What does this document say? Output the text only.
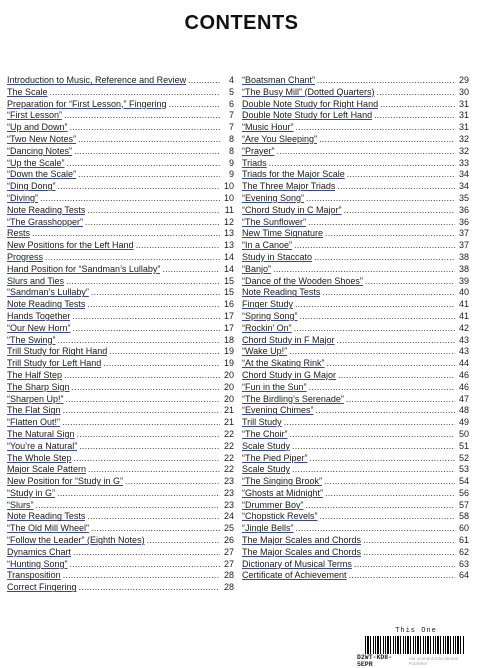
CONTENTS
Introduction to Music, Reference and Review .....	4
The Scale .....	5
Preparation for “First Lesson,” Fingering .....	6
“First Lesson” .....	7
“Up and Down” .....	7
“Two New Notes” .....	8
“Dancing Notes” .....	8
“Up the Scale” .....	9
“Down the Scale” .....	9
“Ding Dong” .....	10
“Diving” .....	10
Note Reading Tests .....	11
“The Grasshopper” .....	12
Rests .....	13
New Positions for the Left Hand .....	13
Progress .....	14
Hand Position for “Sandman’s Lullaby” .....	14
Slurs and Ties .....	15
“Sandman’s Lullaby” .....	15
Note Reading Tests .....	16
Hands Together .....	17
“Our New Horn” .....	17
“The Swing” .....	18
Trill Study for Right Hand .....	19
Trill Study for Left Hand .....	19
The Half Step .....	20
The Sharp Sign .....	20
“Sharpen Up!” .....	20
The Flat Sign .....	21
“Flatten Out!” .....	21
The Natural Sign .....	22
“You’re a Natural” .....	22
The Whole Step .....	22
Major Scale Pattern .....	22
New Position for “Study in G” .....	23
“Study in G” .....	23
“Slurs” .....	23
Note Reading Tests .....	24
“The Old Mill Wheel” .....	25
“Follow the Leader” (Eighth Notes) .....	26
Dynamics Chart .....	27
“Hunting Song” .....	27
Transposition .....	28
Correct Fingering .....	28
“Boatsman Chant” .....	29
“The Busy Mill” (Dotted Quarters) .....	30
Double Note Study for Right Hand .....	31
Double Note Study for Left Hand .....	31
“Music Hour” .....	31
“Are You Sleeping” .....	32
“Prayer” .....	32
Triads .....	33
Triads for the Major Scale .....	34
The Three Major Triads .....	34
“Evening Song” .....	35
“Chord Study in C Major” .....	36
“The Sunflower” .....	36
New Time Signature .....	37
“In a Canoe” .....	37
Study in Staccato .....	38
“Banjo” .....	38
“Dance of the Wooden Shoes” .....	39
Note Reading Tests .....	40
Finger Study .....	41
“Spring Song” .....	41
“Rockin’ On” .....	42
Chord Study in F Major .....	43
“Wake Up!” .....	43
“At the Skating Rink” .....	44
Chord Study in G Major .....	46
“Fun in the Sun” .....	46
“The Birdling’s Serenade” .....	47
“Evening Chimes” .....	48
Trill Study .....	49
“The Choir” .....	50
Scale Study .....	51
“The Pied Piper” .....	52
Scale Study .....	53
“The Singing Brook” .....	54
“Ghosts at Midnight” .....	56
“Drummer Boy” .....	57
“Chopstick Revels” .....	58
“Jingle Bells” .....	60
The Major Scales and Chords .....	61
The Major Scales and Chords .....	62
Dictionary of Musical Terms .....	63
Certificate of Achievement .....	64
This One
D2WT-KD8-5EPR
Hal Leonard Educational Publisher
